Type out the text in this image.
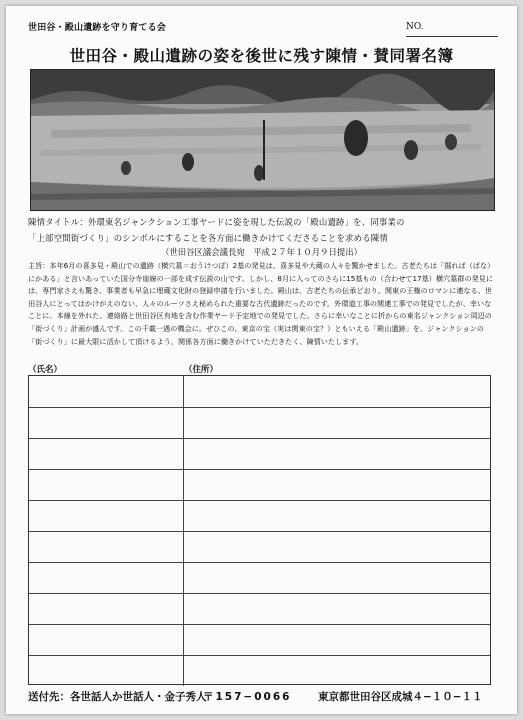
世田谷・殿山遺跡を守り育てる会	NO.
世田谷・殿山遺跡の姿を後世に残す陳情・賛同署名簿
陳情タイトル：外環東名ジャンクション工事ヤードに姿を現した伝説の「殿山遺跡」を、同事業の
「上部空間街づくり」のシンボルにすることを各方面に働きかけてくださることを求める陳情
（世田谷区議会議長宛　平成２７年１０月９日提出）
主旨：本年6月の喜多見・殿山での遺跡（横穴墓＝おうけつぼ）2基の発見は、喜多見や大蔵の人々を驚かせました。古老たちは「掘れば（ぱな）にかある」と言いあっていた国分寺崖線の一部を成す伝説の山です。しかし、8月に入ってのさらに15基もの（合わせて17基）横穴墓群の発見には、専門家さえも驚き、事業者も早急に埋蔵文化財の登録申請を行いました。殿山は、古老たちの伝承どおり、関東の王権のロマンに連なる、世田谷人にとってはかけがえのない、人々のルーツさえ秘められた重要な古代遺跡だったのです。外環道工事の関連工事での発見でしたが、幸いなことに、本線を外れた、連絡路と世田谷区有地を含む作業ヤード予定地での発見でした。さらに幸いなことに折からの東名ジャンクション周辺の「街づくり」計画が盛んです。この千載一遇の機会に。ぜひこの、東京の宝（実は関東の宝？）ともいえる「殿山遺跡」を、ジャンクションの「街づくり」に最大限に活かして頂けるよう、関係各方面に働きかけていただきたく、陳情いたします。
（氏名）	（住所）
送付先：各世話人か世話人・金子秀人
〒157−0066	東京都世田谷区成城４−１０−１１
